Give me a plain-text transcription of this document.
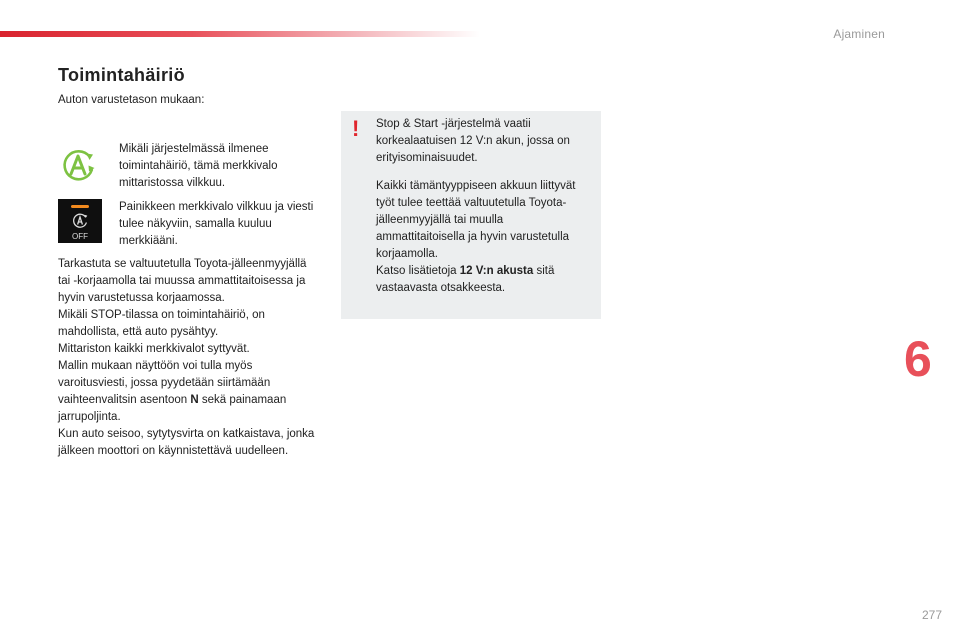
Ajaminen
Toimintahäiriö
Auton varustetason mukaan:
Mikäli järjestelmässä ilmenee toimintahäiriö, tämä merkkivalo mittaristossa vilkkuu.
OFF
Painikkeen merkkivalo vilkkuu ja viesti tulee näkyviin, samalla kuuluu merkkiääni.

Tarkastuta se valtuutetulla Toyota-jälleenmyyjällä tai -korjaamolla tai muussa ammattitaitoisessa ja hyvin varustetussa korjaamossa.

Mikäli STOP-tilassa on toimintahäiriö, on mahdollista, että auto pysähtyy.

Mittariston kaikki merkkivalot syttyvät.

Mallin mukaan näyttöön voi tulla myös varoitusviesti, jossa pyydetään siirtämään vaihteenvalitsin asentoon N sekä painamaan jarrupoljinta.

Kun auto seisoo, sytytysvirta on katkaistava, jonka jälkeen moottori on käynnistettävä uudelleen.

! Stop & Start -järjestelmä vaatii korkealaatuisen 12 V:n akun, jossa on erityisominaisuudet.

Kaikki tämäntyyppiseen akkuun liittyvät työt tulee teettää valtuutetulla Toyota-jälleenmyyjällä tai muulla ammattitaitoisella ja hyvin varustetulla korjaamolla.
Katso lisätietoja 12 V:n akusta sitä vastaavasta otsakkeesta.

6
277
